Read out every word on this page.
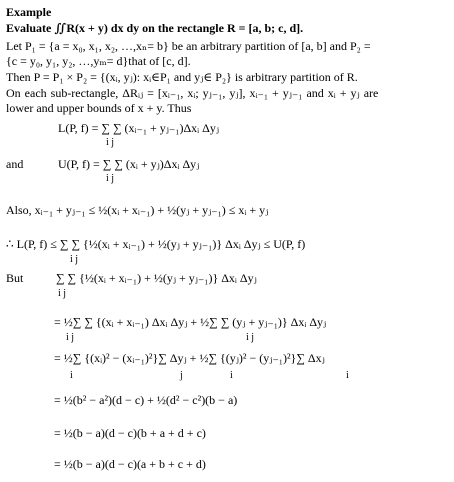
Example
Evaluate ∬R(x + y) dx dy on the rectangle R = [a, b; c, d].
Let P₁ = {a = x₀, x₁, x₂, …,xₙ= b} be an arbitrary partition of [a, b] and P₂ =
{c = y₀, y₁, y₂, …,yₘ= d}that of [c, d].
Then P = P₁ × P₂ = {(xᵢ, yⱼ): xᵢ∈P₁ and yⱼ∈ P₂} is arbitrary partition of R.
On each sub-rectangle, ΔRᵢⱼ = [xᵢ₋₁, xᵢ; yⱼ₋₁, yⱼ], xᵢ₋₁ + yⱼ₋₁ and xᵢ + yⱼ are
lower and upper bounds of x + y. Thus
L(P, f) = ∑ ∑ (xᵢ₋₁ + yⱼ₋₁)Δxᵢ Δyⱼ
i j
and	U(P, f) = ∑ ∑ (xᵢ + yⱼ)Δxᵢ Δyⱼ
i j
Also, xᵢ₋₁ + yⱼ₋₁ ≤ ½(xᵢ + xᵢ₋₁) + ½(yⱼ + yⱼ₋₁) ≤ xᵢ + yⱼ
∴ L(P, f) ≤ ∑ ∑ {½(xᵢ + xᵢ₋₁) + ½(yⱼ + yⱼ₋₁)} Δxᵢ Δyⱼ ≤ U(P, f)
i j
But	∑ ∑ {½(xᵢ + xᵢ₋₁) + ½(yⱼ + yⱼ₋₁)} Δxᵢ Δyⱼ
i j
= ½∑ ∑ {(xᵢ + xᵢ₋₁) Δxᵢ Δyⱼ + ½∑ ∑ (yⱼ + yⱼ₋₁)} Δxᵢ Δyⱼ
i j	i j
= ½∑ {(xᵢ)² − (xᵢ₋₁)²}∑ Δyⱼ + ½∑ {(yⱼ)² − (yⱼ₋₁)²}∑ Δxⱼ
i	j	i	i
= ½(b² − a²)(d − c) + ½(d² − c²)(b − a)
= ½(b − a)(d − c)(b + a + d + c)
= ½(b − a)(d − c)(a + b + c + d)
